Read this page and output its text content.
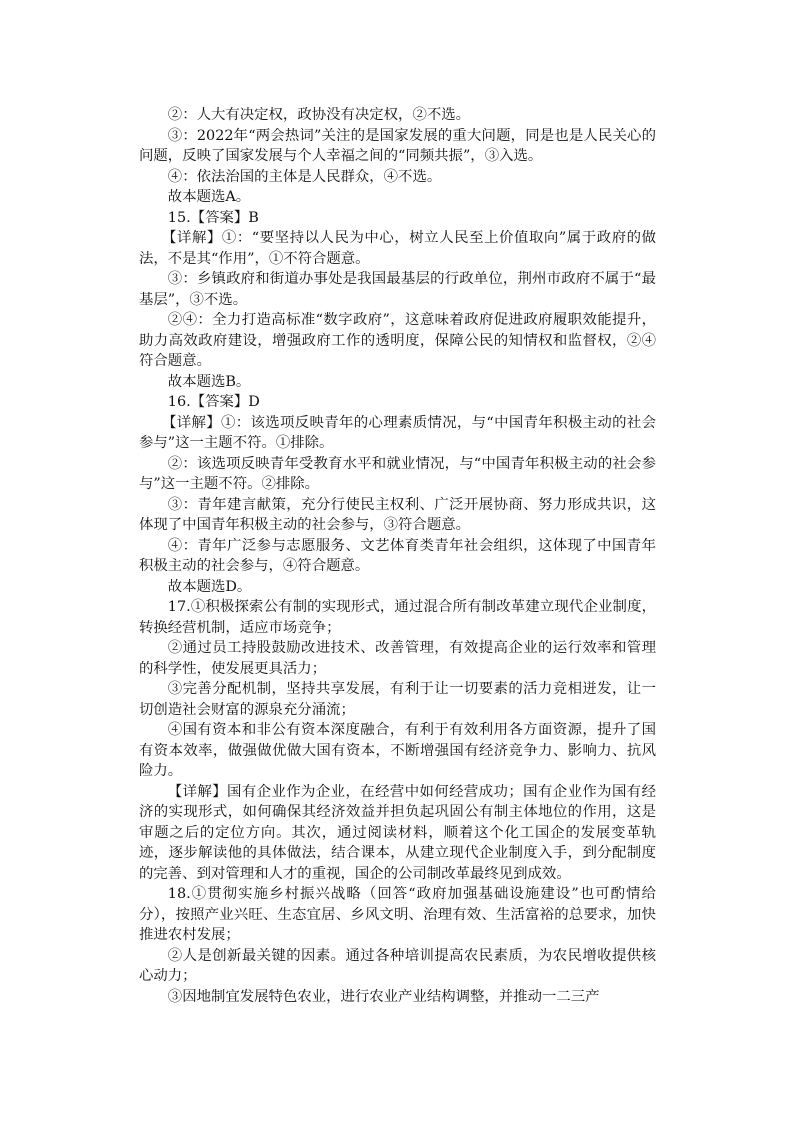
②：人大有决定权，政协没有决定权，②不选。

③：2022年“两会热词”关注的是国家发展的重大问题，同是也是人民关心的问题，反映了国家发展与个人幸福之间的“同频共振”，③入选。

④：依法治国的主体是人民群众，④不选。

故本题选A。

15.【答案】B

【详解】①：“要坚持以人民为中心，树立人民至上价值取向”属于政府的做法，不是其“作用”，①不符合题意。

③：乡镇政府和街道办事处是我国最基层的行政单位，荆州市政府不属于“最基层”，③不选。

②④：全力打造高标准“数字政府”，这意味着政府促进政府履职效能提升，助力高效政府建设，增强政府工作的透明度，保障公民的知情权和监督权，②④符合题意。

故本题选B。

16.【答案】D

【详解】①：该选项反映青年的心理素质情况，与“中国青年积极主动的社会参与”这一主题不符。①排除。

②：该选项反映青年受教育水平和就业情况，与“中国青年积极主动的社会参与”这一主题不符。②排除。

③：青年建言献策，充分行使民主权利、广泛开展协商、努力形成共识，这体现了中国青年积极主动的社会参与，③符合题意。

④：青年广泛参与志愿服务、文艺体育类青年社会组织，这体现了中国青年积极主动的社会参与，④符合题意。

故本题选D。

17.①积极探索公有制的实现形式，通过混合所有制改革建立现代企业制度，转换经营机制，适应市场竞争；

②通过员工持股鼓励改进技术、改善管理，有效提高企业的运行效率和管理的科学性，使发展更具活力；

③完善分配机制，坚持共享发展，有利于让一切要素的活力竞相迸发，让一切创造社会财富的源泉充分涌流；

④国有资本和非公有资本深度融合，有利于有效利用各方面资源，提升了国有资本效率，做强做优做大国有资本，不断增强国有经济竞争力、影响力、抗风险力。

【详解】国有企业作为企业，在经营中如何经营成功；国有企业作为国有经济的实现形式，如何确保其经济效益并担负起巩固公有制主体地位的作用，这是审题之后的定位方向。其次，通过阅读材料，顺着这个化工国企的发展变革轨迹，逐步解读他的具体做法，结合课本，从建立现代企业制度入手，到分配制度的完善、到对管理和人才的重视，国企的公司制改革最终见到成效。

18.①贯彻实施乡村振兴战略（回答“政府加强基础设施建设”也可酌情给分），按照产业兴旺、生态宜居、乡风文明、治理有效、生活富裕的总要求，加快推进农村发展；

②人是创新最关键的因素。通过各种培训提高农民素质，为农民增收提供核心动力；

③因地制宜发展特色农业，进行农业产业结构调整，并推动一二三产
